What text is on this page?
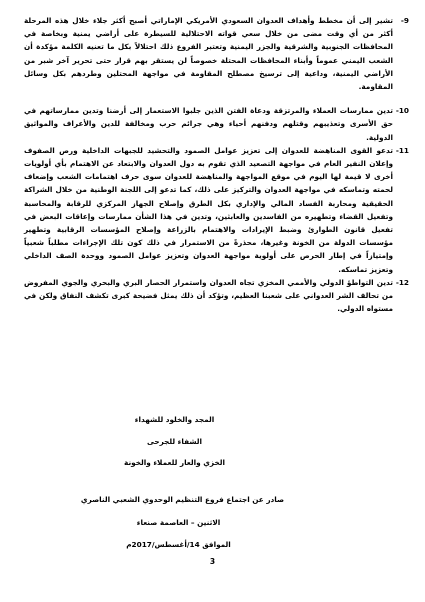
9-
تشير إلى أن مخطط وأهداف العدوان السعودي الأمريكي الإماراتي أصبح أكثر جلاء خلال هذه المرحلة أكثر من أي وقت مضى من خلال سعي قواته الاحتلالية للسيطرة على أراضي يمنية وبخاصة في المحافظات الجنوبية والشرقية والجزر اليمنية وتعتبر الفروع ذلك احتلالاً بكل ما تعنيه الكلمة مؤكدة أن الشعب اليمني عموماً وأبناء المحافظات المحتلة خصوصاً لن يستقر بهم قرار حتى تحرير آخر شبر من الأراضي اليمنية، وداعية إلى ترسيخ مصطلح المقاومة في مواجهة المحتلين وطردهم بكل وسائل المقاومة.
10-
تدين ممارسات العملاء والمرتزقة ودعاة الفتن الذين جلبوا الاستعمار إلى أرضنا وتدين ممارساتهم في حق الأسرى وتعذيبهم وقتلهم ودفنهم أحياء وهي جرائم حرب ومخالفة للدين والأعراف والمواثيق الدولية.
11-
تدعو القوى المناهضة للعدوان إلى تعزيز عوامل الصمود والتحشيد للجبهات الداخلية ورص الصفوف وإعلان النفير العام في مواجهة التصعيد الذي تقوم به دول العدوان والابتعاد عن الاهتمام بأي أولويات أخرى لا قيمة لها اليوم في موقع المواجهة والمناهضة للعدوان سوى حرف اهتمامات الشعب وإضعاف لحمته وتماسكه في مواجهة العدوان والتركيز على ذلك، كما تدعو إلى اللجنة الوطنية من خلال الشراكة الحقيقية ومحاربة الفساد المالي والإداري بكل الطرق وإصلاح الجهاز المركزي للرقابة والمحاسبة وتفعيل القضاء وتطهيره من الفاسدين والعابثين، وتدين في هذا الشأن ممارسات وإعاقات البعض في تفعيل قانون الطوارئ وضبط الإيرادات والاهتمام بالزراعة وإصلاح المؤسسات الرقابية وتطهير مؤسسات الدولة من الخونة وغيرها، محذرةً من الاستمرار في ذلك كون تلك الإجراءات مطلباً شعبياً وإمتيازاً في إطار الحرص على أولوية مواجهة العدوان وتعزيز عوامل الصمود ووحدة الصف الداخلي وتعزيز تماسكه.
12-
تدين التواطؤ الدولي والأممي المخزي تجاه العدوان واستمرار الحصار البري والبحري والجوي المفروض من تحالف الشر العدواني على شعبنا العظيم، وتؤكد أن ذلك يمثل فضيحة كبرى تكشف النفاق ولكن في مستواه الدولي.
المجد والخلود للشهداء
الشفاء للجرحى
الخزي والعار للعملاء والخونة
صادر عن اجتماع فروع التنظيم الوحدوي الشعبي الناصري
الاثنين – العاصمة صنعاء
الموافق 14/أغسطس/2017م
3
